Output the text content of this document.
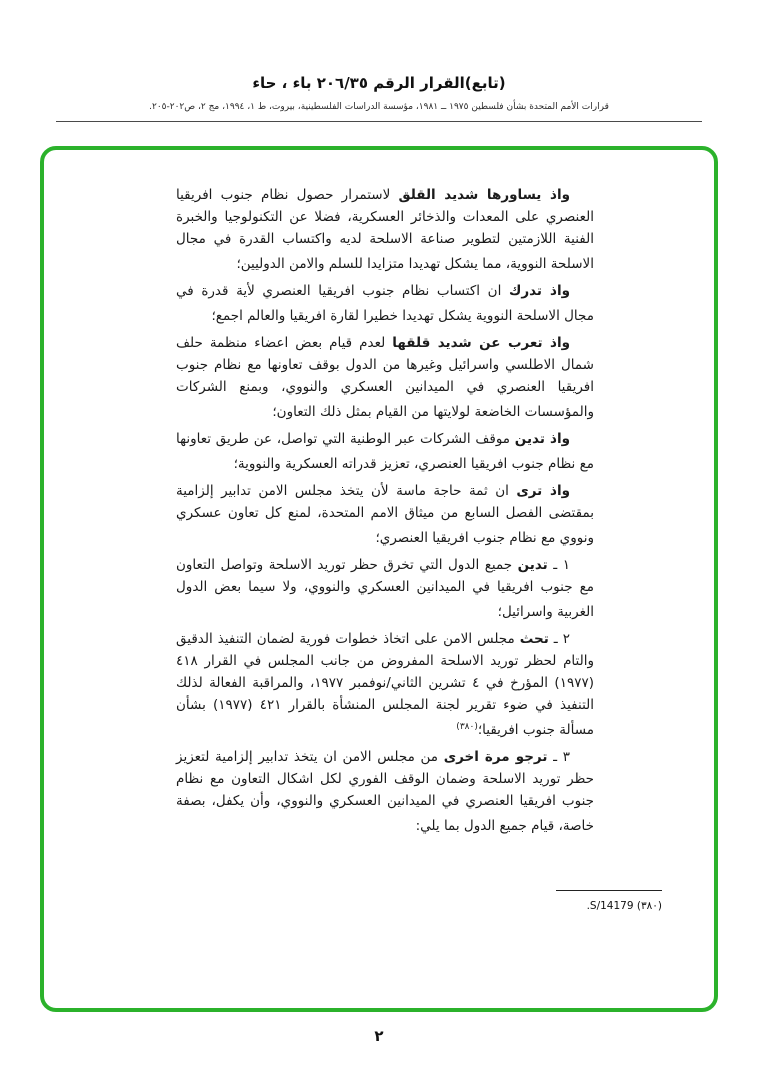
(تابع)القرار الرقم ٢٠٦/٣٥ باء ، حاء
قرارات الأمم المتحدة بشأن فلسطين ١٩٧٥ ــ ١٩٨١، مؤسسة الدراسات الفلسطينية، بيروت، ط ١، ١٩٩٤، مج ٢، ص٢٠٢-٢٠٥.

واذ يساورها شديد القلق لاستمرار حصول نظام جنوب افريقيا العنصري على المعدات والذخائر العسكرية، فضلا عن التكنولوجيا والخبرة الفنية اللازمتين لتطوير صناعة الاسلحة لديه واكتساب القدرة في مجال الاسلحة النووية، مما يشكل تهديدا متزايدا للسلم والامن الدوليين؛

واذ تدرك ان اكتساب نظام جنوب افريقيا العنصري لأية قدرة في مجال الاسلحة النووية يشكل تهديدا خطيرا لقارة افريقيا والعالم اجمع؛

واذ تعرب عن شديد قلقها لعدم قيام بعض اعضاء منظمة حلف شمال الاطلسي واسرائيل وغيرها من الدول بوقف تعاونها مع نظام جنوب افريقيا العنصري في الميدانين العسكري والنووي، وبمنع الشركات والمؤسسات الخاضعة لولايتها من القيام بمثل ذلك التعاون؛

واذ تدين موقف الشركات عبر الوطنية التي تواصل، عن طريق تعاونها مع نظام جنوب افريقيا العنصري، تعزيز قدراته العسكرية والنووية؛

واذ ترى ان ثمة حاجة ماسة لأن يتخذ مجلس الامن تدابير إلزامية بمقتضى الفصل السابع من ميثاق الامم المتحدة، لمنع كل تعاون عسكري ونووي مع نظام جنوب افريقيا العنصري؛

١ ـ تدين جميع الدول التي تخرق حظر توريد الاسلحة وتواصل التعاون مع جنوب افريقيا في الميدانين العسكري والنووي، ولا سيما بعض الدول الغربية واسرائيل؛

٢ ـ تحث مجلس الامن على اتخاذ خطوات فورية لضمان التنفيذ الدقيق والتام لحظر توريد الاسلحة المفروض من جانب المجلس في القرار ٤١٨ (١٩٧٧) المؤرخ في ٤ تشرين الثاني/نوفمبر ١٩٧٧، والمراقبة الفعالة لذلك التنفيذ في ضوء تقرير لجنة المجلس المنشأة بالقرار ٤٢١ (١٩٧٧) بشأن مسألة جنوب افريقيا؛$^{(٣٨٠)}$

٣ ـ ترجو مرة اخرى من مجلس الامن ان يتخذ تدابير إلزامية لتعزيز حظر توريد الاسلحة وضمان الوقف الفوري لكل اشكال التعاون مع نظام جنوب افريقيا العنصري في الميدانين العسكري والنووي، وأن يكفل، بصفة خاصة، قيام جميع الدول بما يلي:

(٣٨٠) S/14179.
٢
